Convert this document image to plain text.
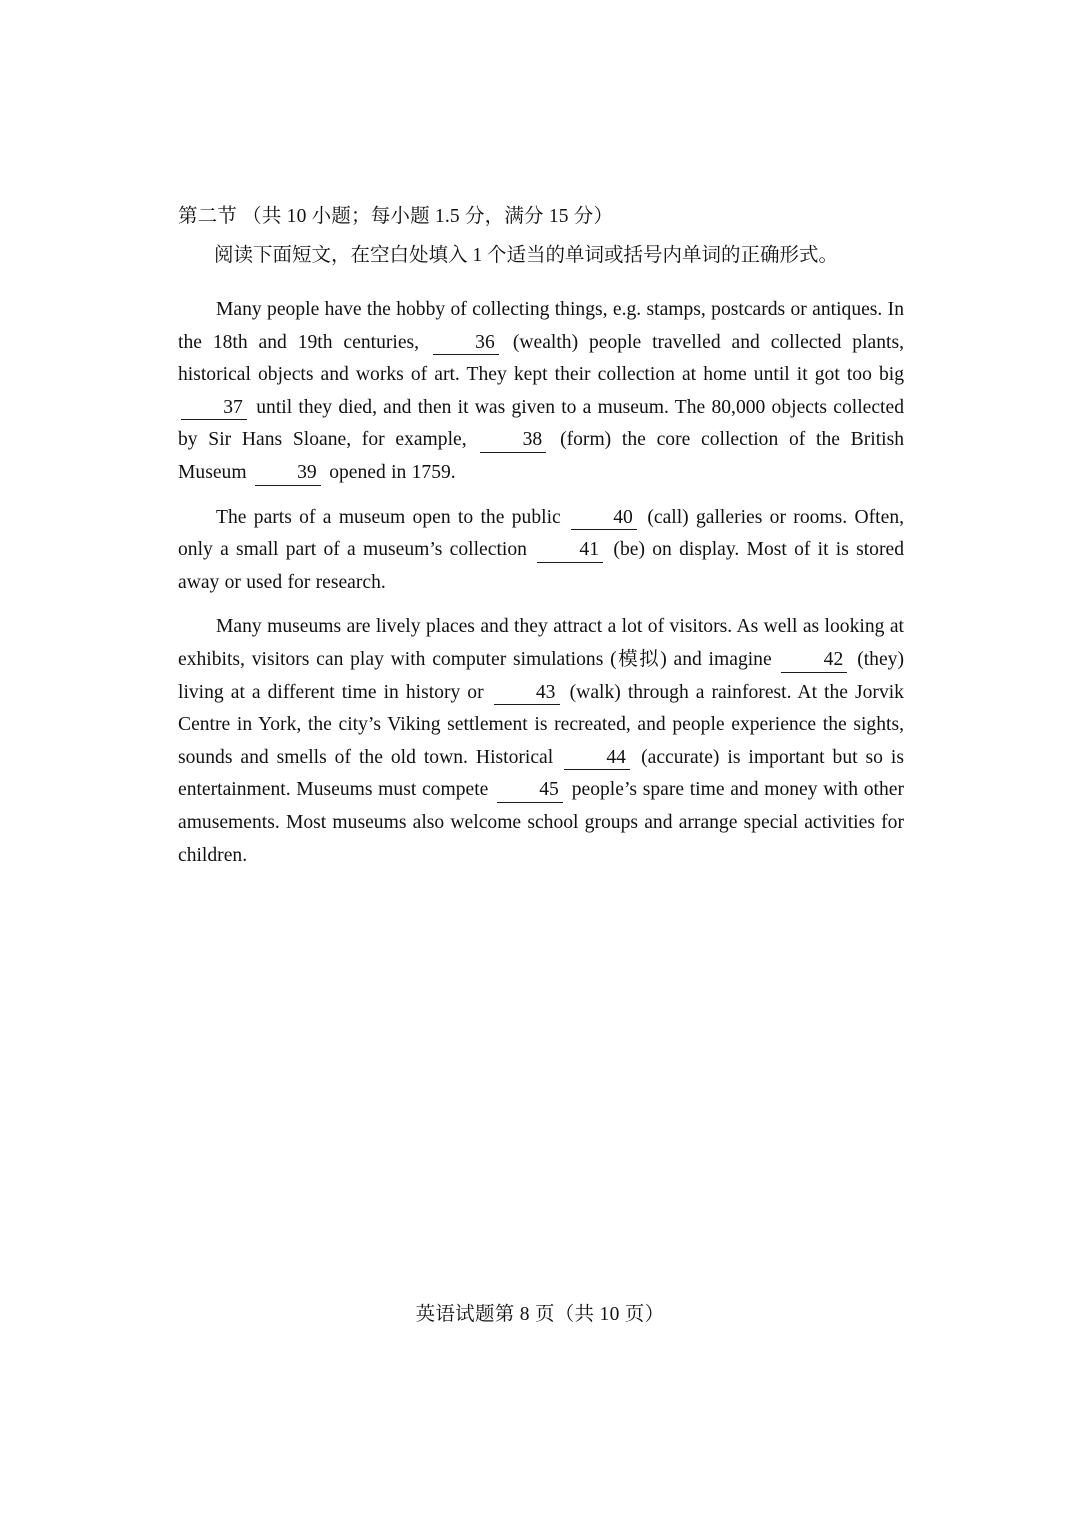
第二节 （共 10 小题；每小题 1.5 分，满分 15 分）
阅读下面短文，在空白处填入 1 个适当的单词或括号内单词的正确形式。
Many people have the hobby of collecting things, e.g. stamps, postcards or antiques. In the 18th and 19th centuries, 36 (wealth) people travelled and collected plants, historical objects and works of art. They kept their collection at home until it got too big 37 until they died, and then it was given to a museum. The 80,000 objects collected by Sir Hans Sloane, for example, 38 (form) the core collection of the British Museum 39 opened in 1759.
The parts of a museum open to the public 40 (call) galleries or rooms. Often, only a small part of a museum’s collection 41 (be) on display. Most of it is stored away or used for research.
Many museums are lively places and they attract a lot of visitors. As well as looking at exhibits, visitors can play with computer simulations (模拟) and imagine 42 (they) living at a different time in history or 43 (walk) through a rainforest. At the Jorvik Centre in York, the city’s Viking settlement is recreated, and people experience the sights, sounds and smells of the old town. Historical 44 (accurate) is important but so is entertainment. Museums must compete 45 people’s spare time and money with other amusements. Most museums also welcome school groups and arrange special activities for children.
英语试题第 8 页（共 10 页）
